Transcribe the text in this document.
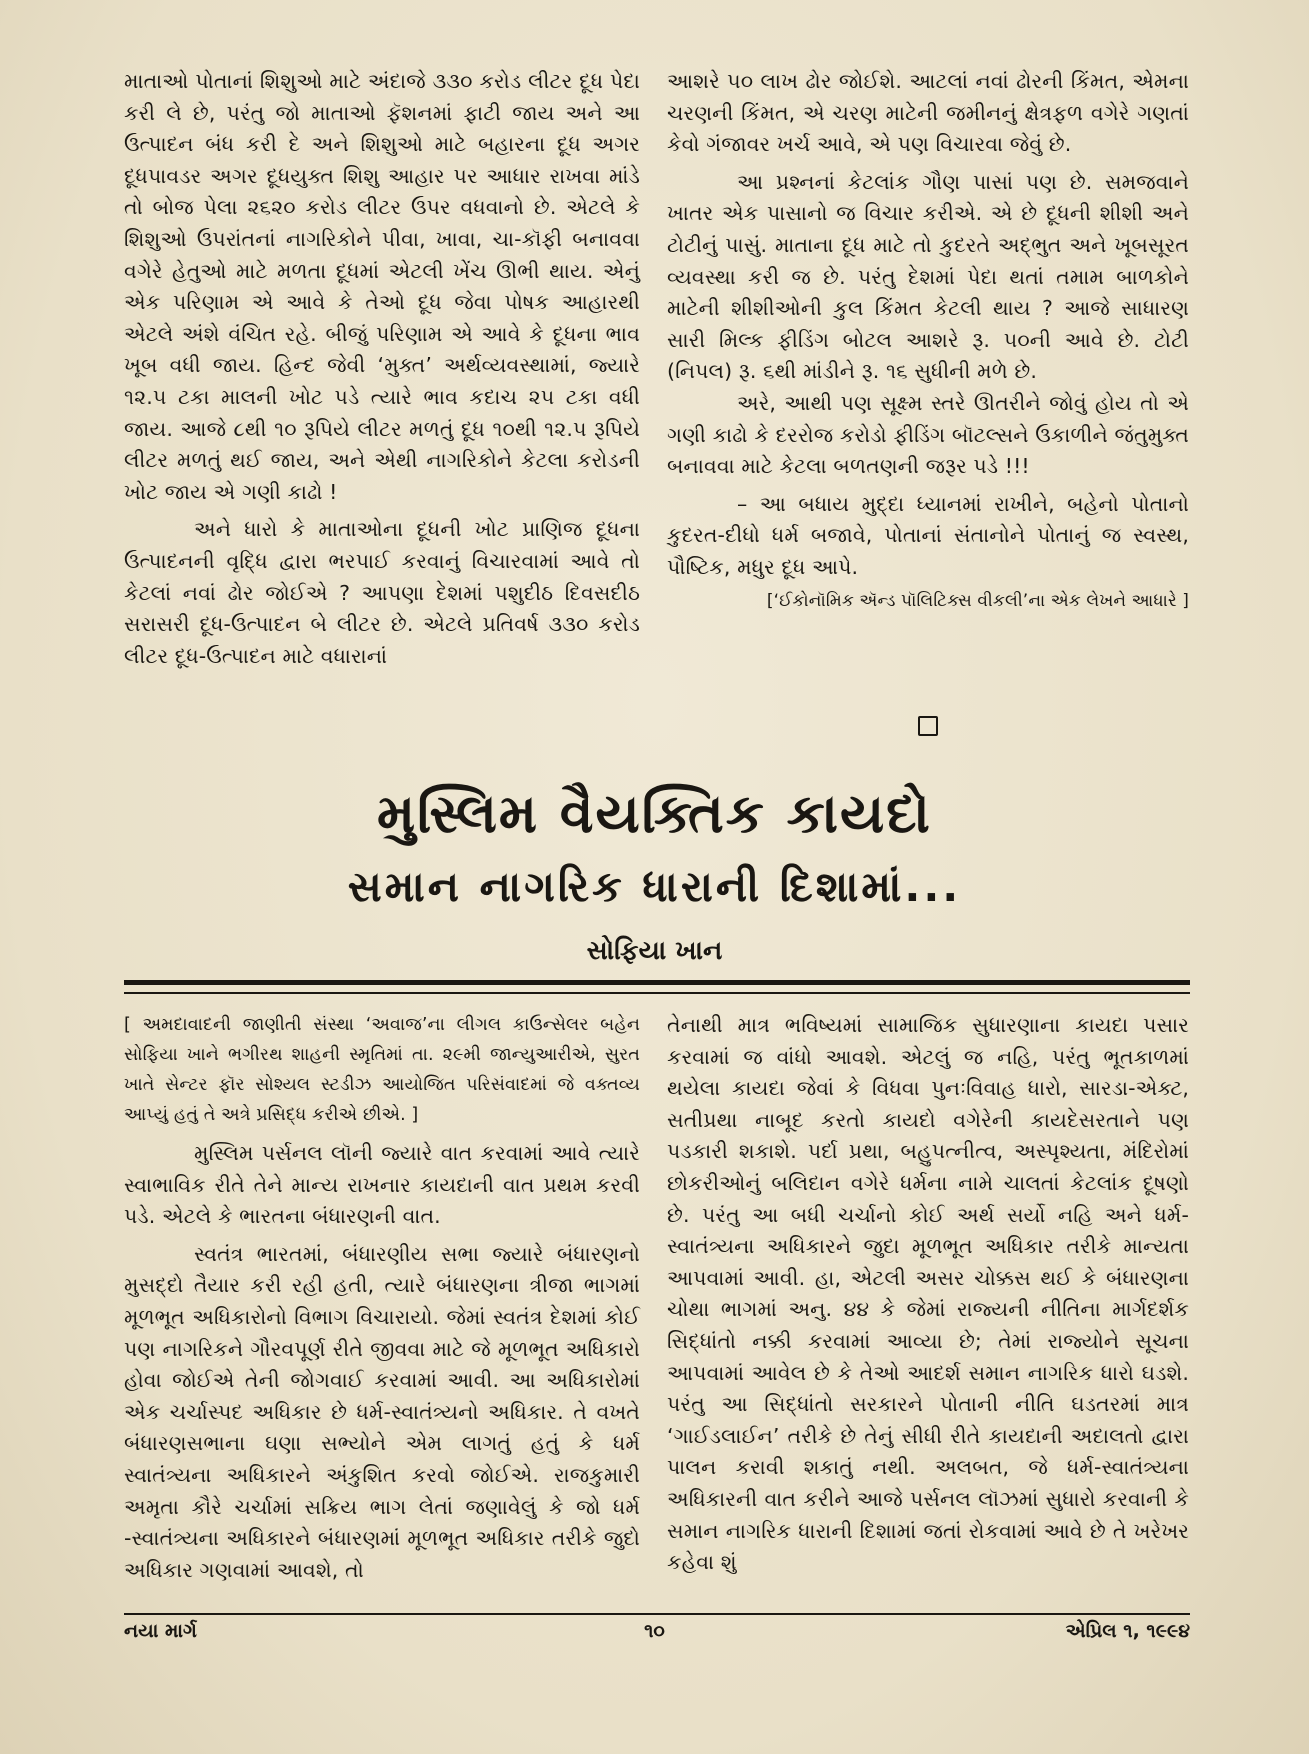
માતાઓ પોતાનાં શિશુઓ માટે અંદાજે ૩૩૦ કરોડ લીટર દૂધ પેદા કરી લે છે, પરંતુ જો માતાઓ ફૅશનમાં ફાટી જાય અને આ ઉત્પાદન બંધ કરી દે અને શિશુઓ માટે બહારના દૂધ અગર દૂધપાવડર અગર દૂધયુક્ત શિશુ આહાર પર આધાર રાખવા માંડે તો બોજ પેલા ૨૬૨૦ કરોડ લીટર ઉપર વધવાનો છે. એટલે કે શિશુઓ ઉપરાંતનાં નાગરિકોને પીવા, ખાવા, ચા-કૉફી બનાવવા વગેરે હેતુઓ માટે મળતા દૂધમાં એટલી ખેંચ ઊભી થાય. એનું એક પરિણામ એ આવે કે તેઓ દૂધ જેવા પોષક આહારથી એટલે અંશે વંચિત રહે. બીજું પરિણામ એ આવે કે દૂધના ભાવ ખૂબ વધી જાય. હિન્દ જેવી ‘મુક્ત’ અર્થવ્યવસ્થામાં, જ્યારે ૧૨.૫ ટકા માલની ખોટ પડે ત્યારે ભાવ કદાચ ૨૫ ટકા વધી જાય. આજે ૮થી ૧૦ રૂપિયે લીટર મળતું દૂધ ૧૦થી ૧૨.૫ રૂપિયે લીટર મળતું થઈ જાય, અને એથી નાગરિકોને કેટલા કરોડની ખોટ જાય એ ગણી કાઢો !

અને ધારો કે માતાઓના દૂધની ખોટ પ્રાણિજ દૂધના ઉત્પાદનની વૃદ્ધિ દ્વારા ભરપાઈ કરવાનું વિચારવામાં આવે તો કેટલાં નવાં ઢોર જોઈએ ? આપણા દેશમાં પશુદીઠ દિવસદીઠ સરાસરી દૂધ-ઉત્પાદન બે લીટર છે. એટલે પ્રતિવર્ષ ૩૩૦ કરોડ લીટર દૂધ-ઉત્પાદન માટે વધારાનાં

આશરે ૫૦ લાખ ઢોર જોઈશે. આટલાં નવાં ઢોરની કિંમત, એમના ચરણની કિંમત, એ ચરણ માટેની જમીનનું ક્ષેત્રફળ વગેરે ગણતાં કેવો ગંજાવર ખર્ચ આવે, એ પણ વિચારવા જેવું છે.

આ પ્રશ્નનાં કેટલાંક ગૌણ પાસાં પણ છે. સમજવાને ખાતર એક પાસાનો જ વિચાર કરીએ. એ છે દૂધની શીશી અને ટોટીનું પાસું. માતાના દૂધ માટે તો કુદરતે અદ્‌ભુત અને ખૂબસૂરત વ્યવસ્થા કરી જ છે. પરંતુ દેશમાં પેદા થતાં તમામ બાળકોને માટેની શીશીઓની કુલ કિંમત કેટલી થાય ? આજે સાધારણ સારી મિલ્ક ફીડિંગ બોટલ આશરે રૂ. ૫૦ની આવે છે. ટોટી (નિપલ) રૂ. ૬થી માંડીને રૂ. ૧૬ સુધીની મળે છે.

અરે, આથી પણ સૂક્ષ્મ સ્તરે ઊતરીને જોવું હોય તો એ ગણી કાઢો કે દરરોજ કરોડો ફીડિંગ બૉટલ્સને ઉકાળીને જંતુમુક્ત બનાવવા માટે કેટલા બળતણની જરૂર પડે !!!

– આ બધાય મુદ્દા ધ્યાનમાં રાખીને, બહેનો પોતાનો કુદરત-દીધો ધર્મ બજાવે, પોતાનાં સંતાનોને પોતાનું જ સ્વસ્થ, પૌષ્ટિક, મધુર દૂધ આપે.

[‘ઈકોનૉમિક ઍન્ડ પૉલિટિક્સ વીકલી’ના એક લેખને આધારે ]

મુસ્લિમ વૈયક્તિક કાયદો
સમાન નાગરિક ધારાની દિશામાં...
સોફિયા ખાન

[ અમદાવાદની જાણીતી સંસ્થા ‘અવાજ’ના લીગલ કાઉન્સેલર બહેન સોફિયા ખાને ભગીરથ શાહની સ્મૃતિમાં તા. ૨૯મી જાન્યુઆરીએ, સુરત ખાતે સેન્ટર ફૉર સોશ્યલ સ્ટડીઝ આયોજિત પરિસંવાદમાં જે વક્તવ્ય આપ્યું હતું તે અત્રે પ્રસિદ્ધ કરીએ છીએ. ]

મુસ્લિમ પર્સનલ લૉની જ્યારે વાત કરવામાં આવે ત્યારે સ્વાભાવિક રીતે તેને માન્ય રાખનાર કાયદાની વાત પ્રથમ કરવી પડે. એટલે કે ભારતના બંધારણની વાત.

સ્વતંત્ર ભારતમાં, બંધારણીય સભા જ્યારે બંધારણનો મુસદ્દો તૈયાર કરી રહી હતી, ત્યારે બંધારણના ત્રીજા ભાગમાં મૂળભૂત અધિકારોનો વિભાગ વિચારાયો. જેમાં સ્વતંત્ર દેશમાં કોઈ પણ નાગરિકને ગૌરવપૂર્ણ રીતે જીવવા માટે જે મૂળભૂત અધિકારો હોવા જોઈએ તેની જોગવાઈ કરવામાં આવી. આ અધિકારોમાં એક ચર્ચાસ્પદ અધિકાર છે ધર્મ-સ્વાતંત્ર્યનો અધિકાર. તે વખતે બંધારણસભાના ઘણા સભ્યોને એમ લાગતું હતું કે ધર્મ સ્વાતંત્ર્યના અધિકારને અંકુશિત કરવો જોઈએ. રાજકુમારી અમૃતા કૌરે ચર્ચામાં સક્રિય ભાગ લેતાં જણાવેલું કે જો ધર્મ -સ્વાતંત્ર્યના અધિકારને બંધારણમાં મૂળભૂત અધિકાર તરીકે જુદો અધિકાર ગણવામાં આવશે, તો

તેનાથી માત્ર ભવિષ્યમાં સામાજિક સુધારણાના કાયદા પસાર કરવામાં જ વાંધો આવશે. એટલું જ નહિ, પરંતુ ભૂતકાળમાં થયેલા કાયદા જેવાં કે વિધવા પુનઃવિવાહ ધારો, સારડા-એક્ટ, સતીપ્રથા નાબૂદ કરતો કાયદો વગેરેની કાયદેસરતાને પણ પડકારી શકાશે. પર્દા પ્રથા, બહુપત્નીત્વ, અસ્પૃશ્યતા, મંદિરોમાં છોકરીઓનું બલિદાન વગેરે ધર્મના નામે ચાલતાં કેટલાંક દૂષણો છે. પરંતુ આ બધી ચર્ચાનો કોઈ અર્થ સર્યો નહિ અને ધર્મ-સ્વાતંત્ર્યના અધિકારને જુદા મૂળભૂત અધિકાર તરીકે માન્યતા આપવામાં આવી. હા, એટલી અસર ચોક્કસ થઈ કે બંધારણના ચોથા ભાગમાં અનુ. ૪૪ કે જેમાં રાજ્યની નીતિના માર્ગદર્શક સિદ્ધાંતો નક્કી કરવામાં આવ્યા છે; તેમાં રાજ્યોને સૂચના આપવામાં આવેલ છે કે તેઓ આદર્શ સમાન નાગરિક ધારો ઘડશે. પરંતુ આ સિદ્ધાંતો સરકારને પોતાની નીતિ ઘડતરમાં માત્ર ‘ગાઈડલાઈન’ તરીકે છે તેનું સીધી રીતે કાયદાની અદાલતો દ્વારા પાલન કરાવી શકાતું નથી. અલબત, જે ધર્મ-સ્વાતંત્ર્યના અધિકારની વાત કરીને આજે પર્સનલ લૉઝમાં સુધારો કરવાની કે સમાન નાગરિક ધારાની દિશામાં જતાં રોકવામાં આવે છે તે ખરેખર કહેવા શું

નયા માર્ગ	૧૦	એપ્રિલ ૧, ૧૯૯૪
